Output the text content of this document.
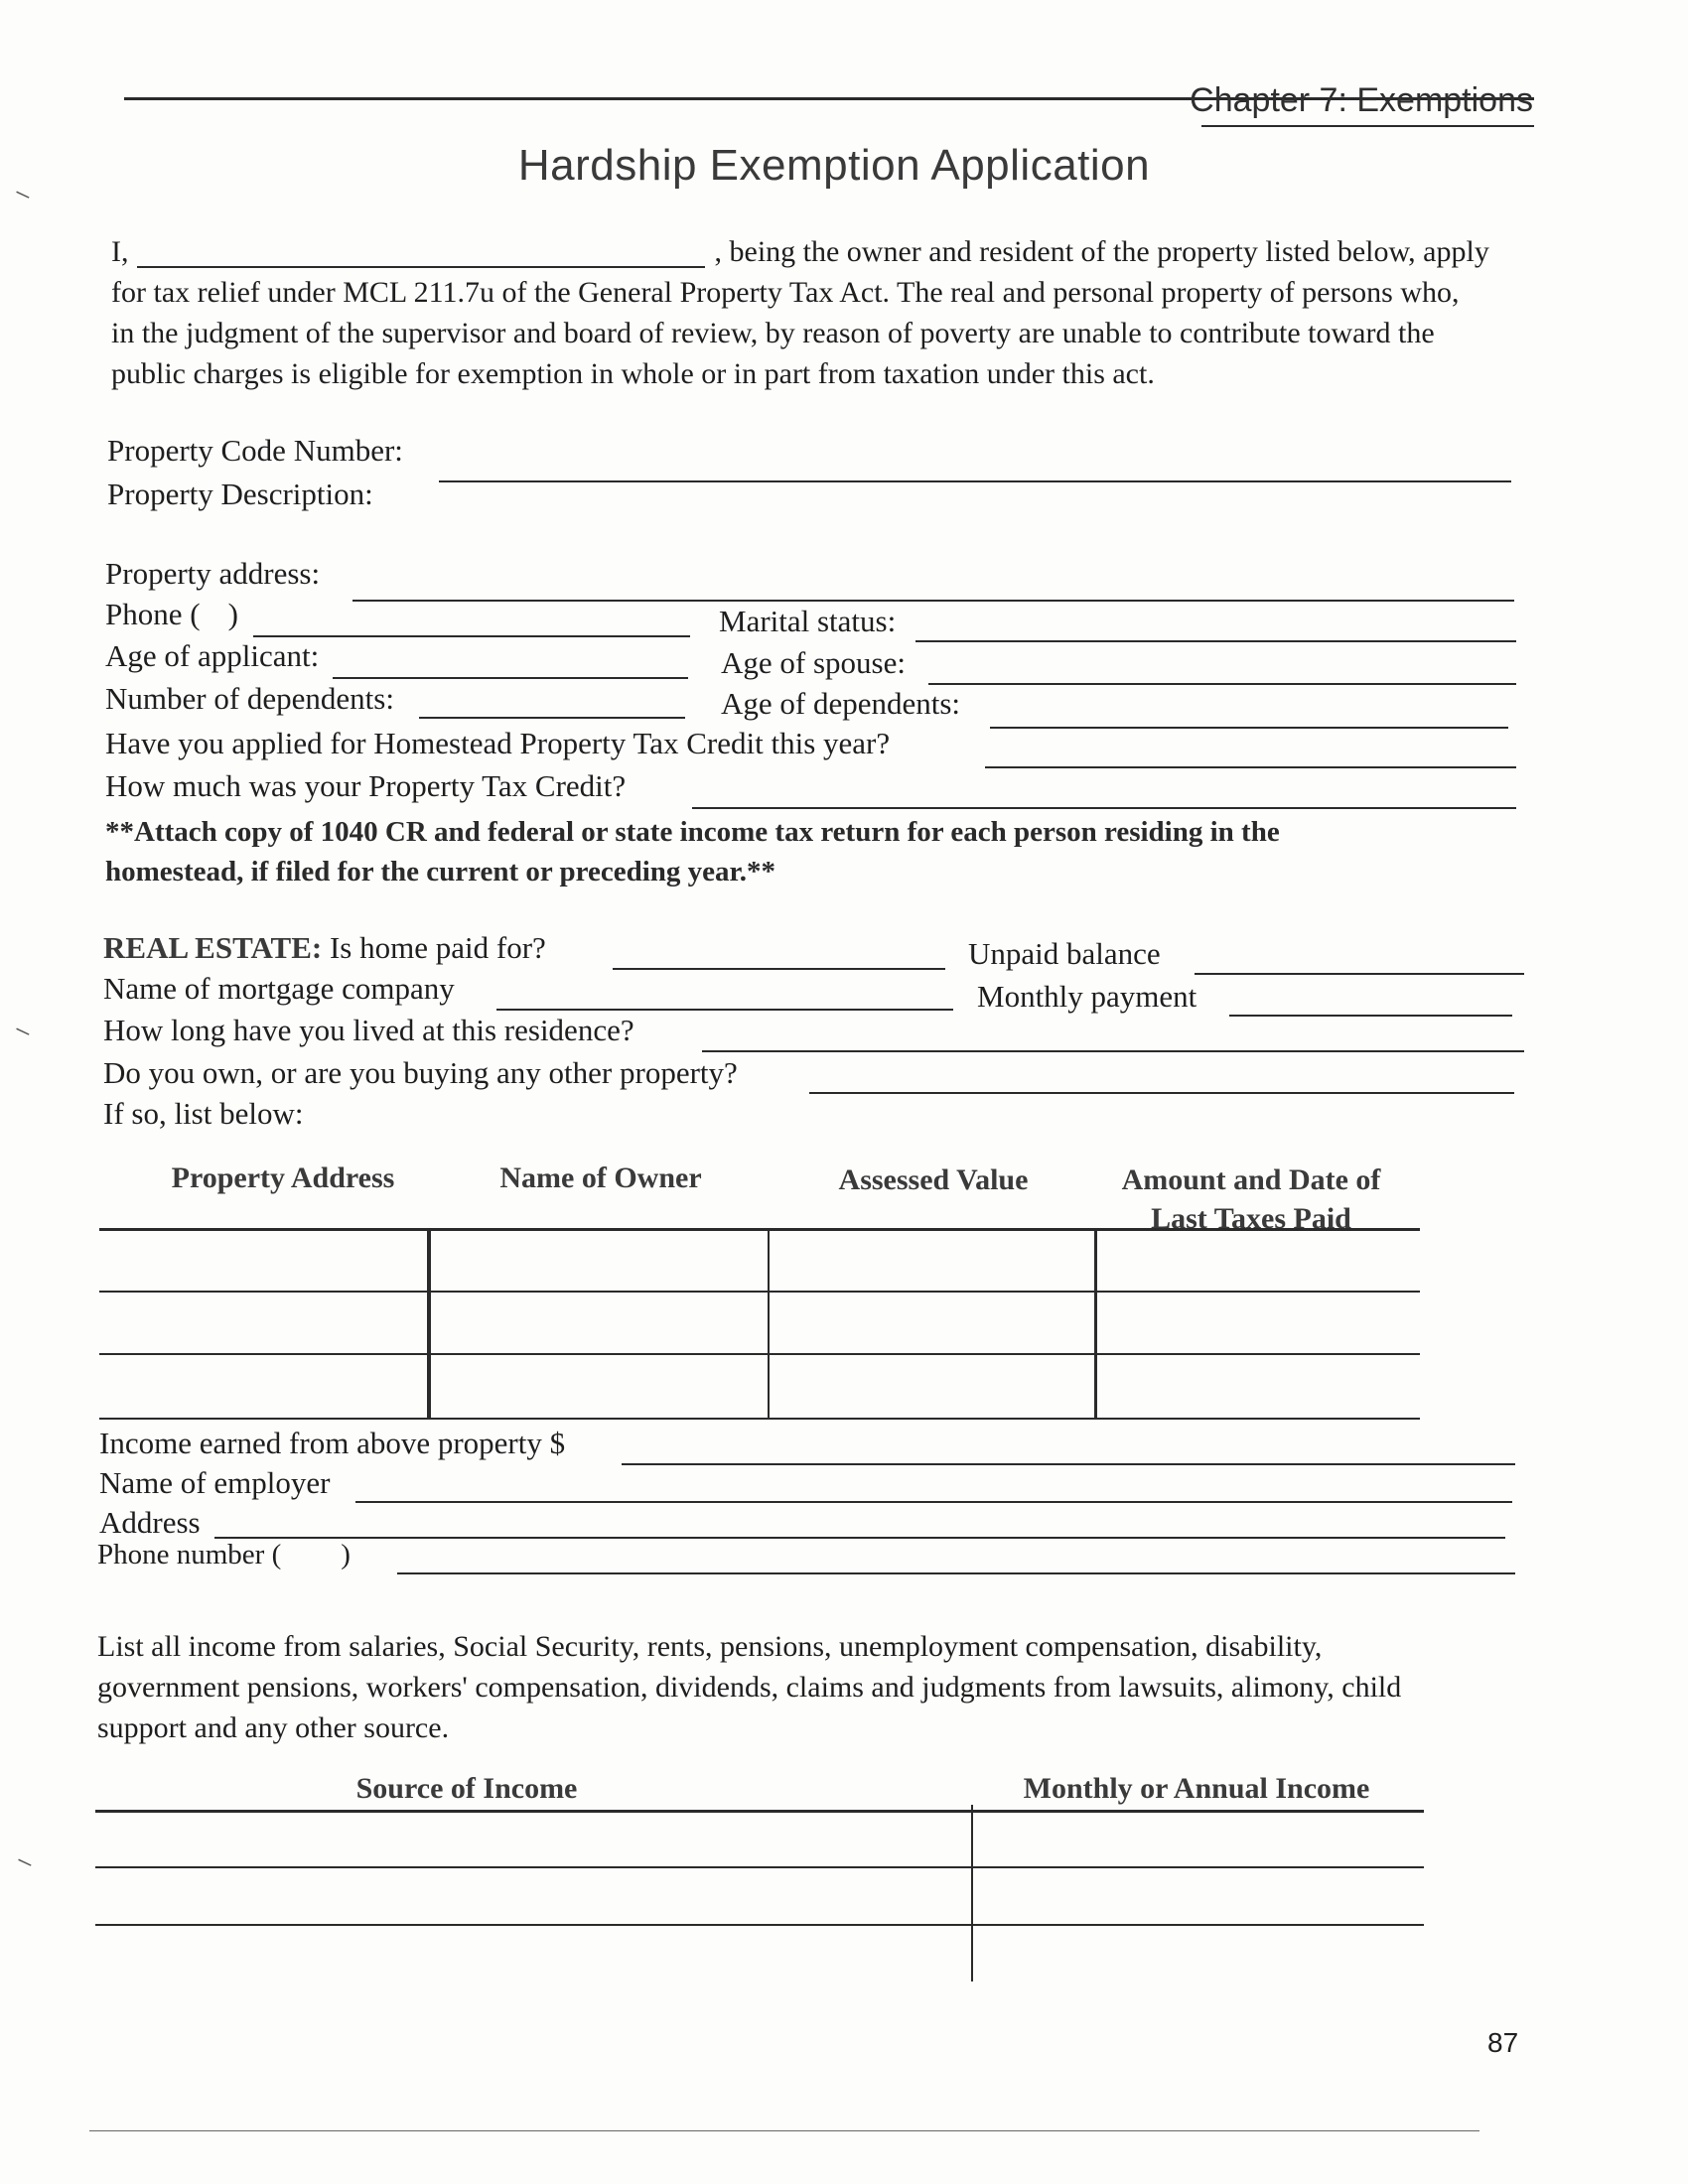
Chapter 7: Exemptions
Hardship Exemption Application
I,	, being the owner and resident of the property listed below, apply
for tax relief under MCL 211.7u of the General Property Tax Act. The real and personal property of persons who,
in the judgment of the supervisor and board of review, by reason of poverty are unable to contribute toward the
public charges is eligible for exemption in whole or in part from taxation under this act.
Property Code Number:
Property Description:
Property address:
Phone ( )	Marital status:
Age of applicant:	Age of spouse:
Number of dependents:	Age of dependents:
Have you applied for Homestead Property Tax Credit this year?
How much was your Property Tax Credit?
**Attach copy of 1040 CR and federal or state income tax return for each person residing in the
homestead, if filed for the current or preceding year.**
REAL ESTATE: Is home paid for?	Unpaid balance
Name of mortgage company	Monthly payment
How long have you lived at this residence?
Do you own, or are you buying any other property?
If so, list below:
Property Address	Name of Owner	Assessed Value	Amount and Date of Last Taxes Paid
Income earned from above property $
Name of employer
Address
Phone number ( )
List all income from salaries, Social Security, rents, pensions, unemployment compensation, disability,
government pensions, workers' compensation, dividends, claims and judgments from lawsuits, alimony, child
support and any other source.
Source of Income	Monthly or Annual Income
87
−
−
−
